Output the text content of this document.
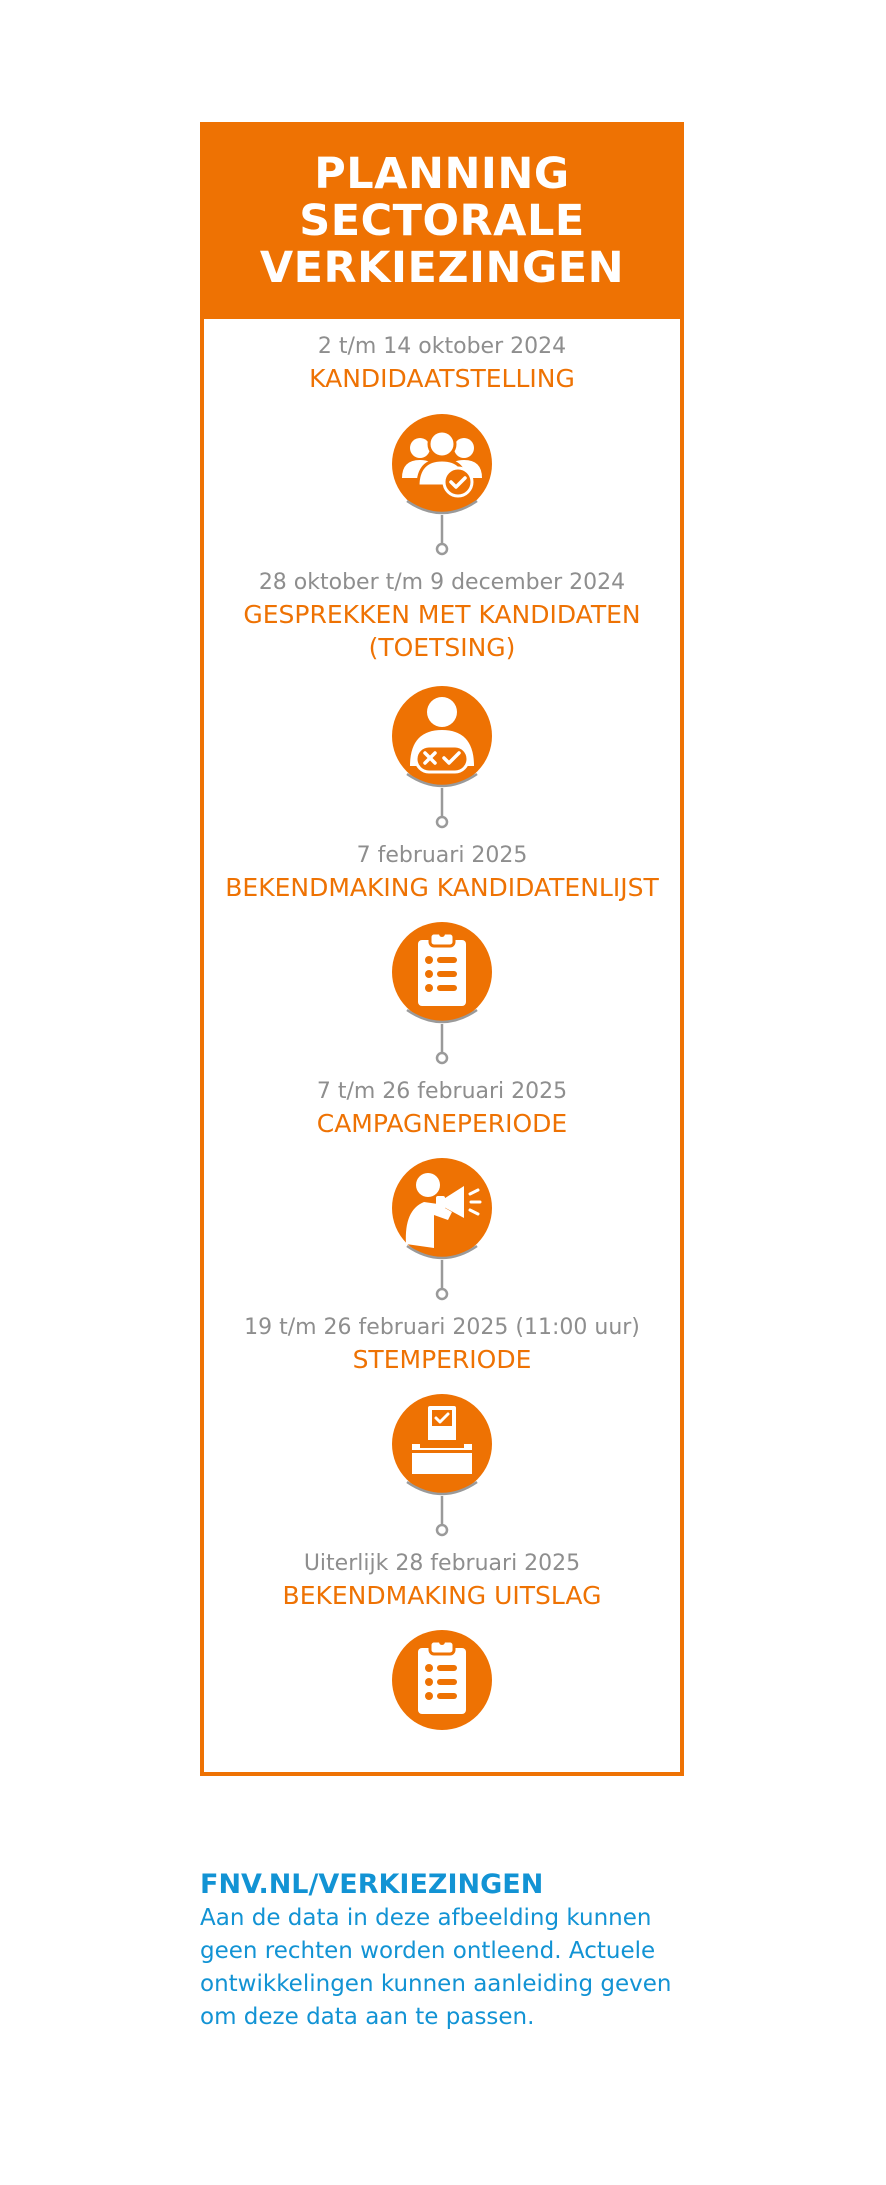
PLANNING
SECTORALE
VERKIEZINGEN
2 t/m 14 oktober 2024
KANDIDAATSTELLING
28 oktober t/m 9 december 2024
GESPREKKEN MET KANDIDATEN
(TOETSING)
7 februari 2025
BEKENDMAKING KANDIDATENLIJST
7 t/m 26 februari 2025
CAMPAGNEPERIODE
19 t/m 26 februari 2025 (11:00 uur)
STEMPERIODE
Uiterlijk 28 februari 2025
BEKENDMAKING UITSLAG
FNV.NL/VERKIEZINGEN

Aan de data in deze afbeelding kunnen
geen rechten worden ontleend. Actuele
ontwikkelingen kunnen aanleiding geven
om deze data aan te passen.
